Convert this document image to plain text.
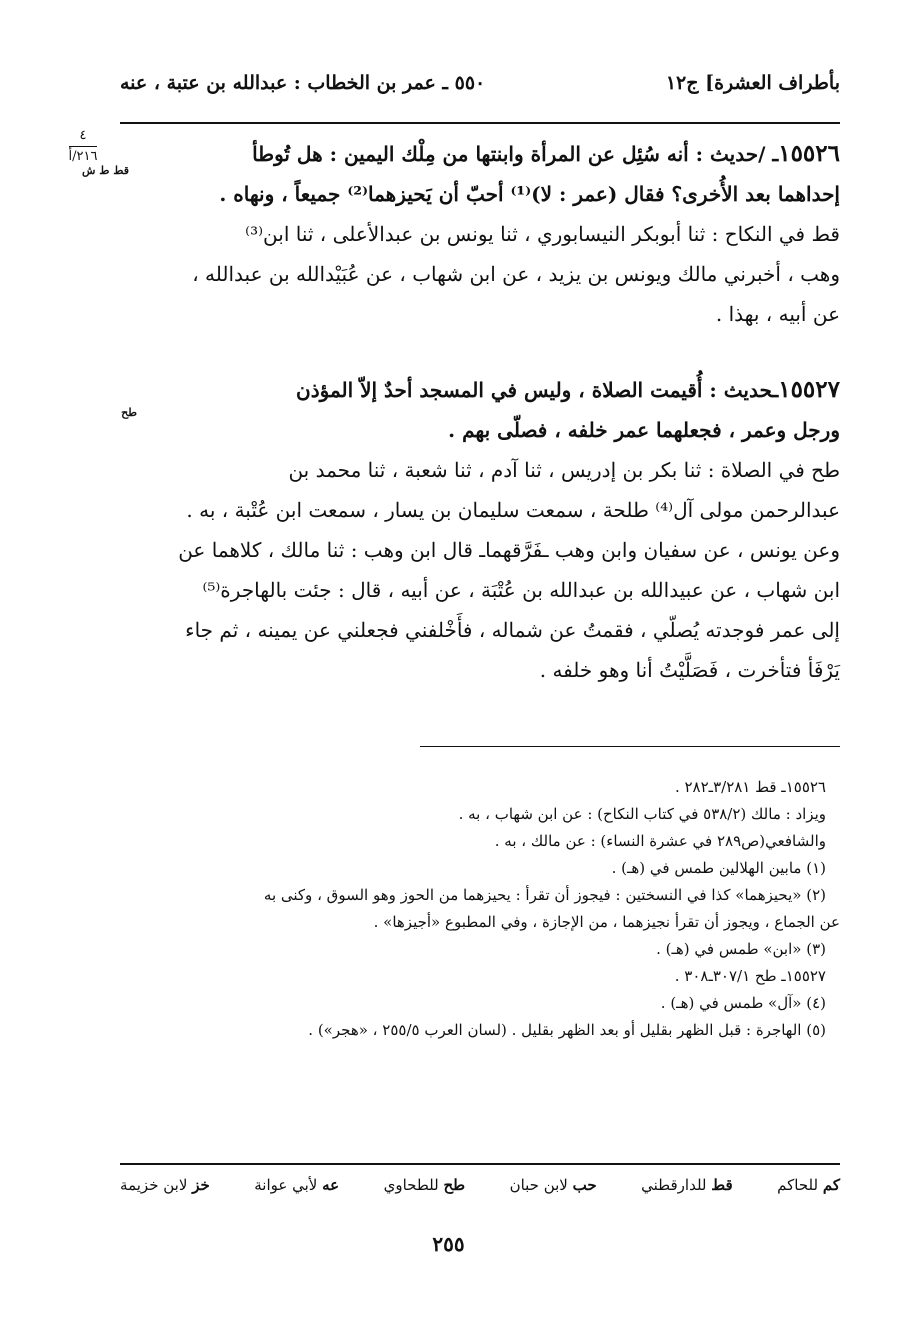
بأطراف العشرة] ج١٢
٥٥٠ ـ عمر بن الخطاب : عبدالله بن عتبة ، عنه
٤
٢١٦/أ	١٥٥٢٦ـ /حديث : أنه سُئِل عن المرأة وابنتها من مِلْك اليمين : هل تُوطأ
إحداهما بعد الأُخرى؟ فقال (عمر : لا)⁽¹⁾ أحبّ أن يَحيزهما⁽²⁾ جميعاً ، ونهاه .
قط في النكاح : ثنا أبوبكر النيسابوري ، ثنا يونس بن عبدالأعلى ، ثنا ابن⁽³⁾
وهب ، أخبرني مالك ويونس بن يزيد ، عن ابن شهاب ، عن عُبَيْدالله بن عبدالله ،
عن أبيه ، بهذا .
قط ط ش
١٥٥٢٧ـحديث : أُقيمت الصلاة ، وليس في المسجد أحدٌ إلاّ المؤذن
ورجل وعمر ، فجعلهما عمر خلفه ، فصلّى بهم .
طح في الصلاة : ثنا بكر بن إدريس ، ثنا آدم ، ثنا شعبة ، ثنا محمد بن
عبدالرحمن مولى آل⁽⁴⁾ طلحة ، سمعت سليمان بن يسار ، سمعت ابن عُتْبة ، به .
وعن يونس ، عن سفيان وابن وهب ـفَرَّقهماـ قال ابن وهب : ثنا مالك ، كلاهما عن
ابن شهاب ، عن عبيدالله بن عبدالله بن عُتْبَة ، عن أبيه ، قال : جئت بالهاجرة⁽⁵⁾
إلى عمر فوجدته يُصلّي ، فقمتُ عن شماله ، فأَخْلفني فجعلني عن يمينه ، ثم جاء
يَرْفَأ فتأخرت ، فَصَلَّيْتُ أنا وهو خلفه .
طح

١٥٥٢٦ـ قط ٣/٢٨١ـ٢٨٢ .

ويزاد : مالك (٥٣٨/٢ في كتاب النكاح) : عن ابن شهاب ، به .

والشافعي(ص٢٨٩ في عشرة النساء) : عن مالك ، به .

(١) مابين الهلالين طمس في (هـ) .

(٢) «يحيزهما» كذا في النسختين : فيجوز أن تقرأ : يحيزهما من الحوز وهو السوق ، وكنى به

عن الجماع ، ويجوز أن تقرأ نجيزهما ، من الإجازة ، وفي المطبوع «أجيزها» .

(٣) «ابن» طمس في (هـ) .

١٥٥٢٧ـ طح ٣٠٧/١ـ٣٠٨ .

(٤) «آل» طمس في (هـ) .

(٥) الهاجرة : قبل الظهر بقليل أو بعد الظهر بقليل . (لسان العرب ٢٥٥/٥ ، «هجر») .

خز لابن خزيمة	عه لأبي عوانة	طح للطحاوي	حب لابن حبان	قط للدارقطني	كم للحاكم
٢٥٥
